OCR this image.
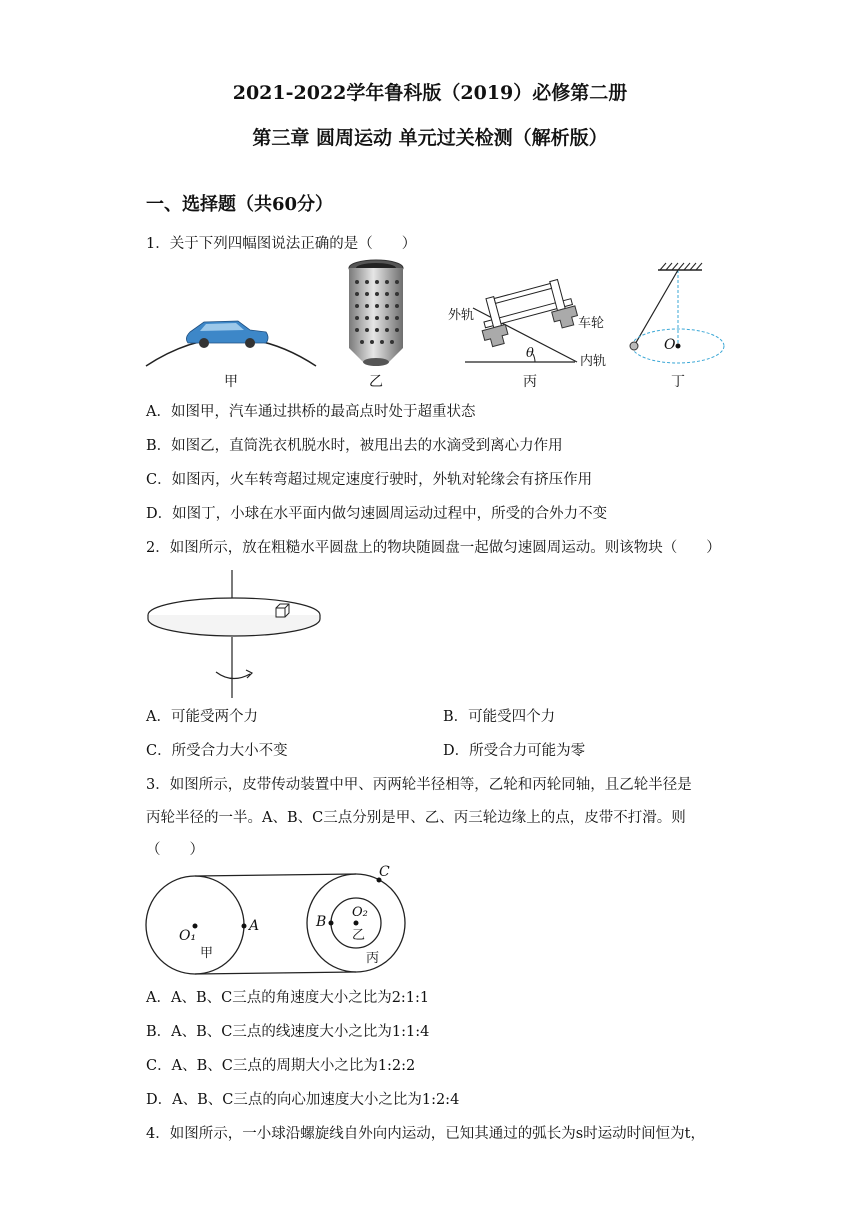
2021-2022学年鲁科版（2019）必修第二册
第三章 圆周运动 单元过关检测（解析版）
一、选择题（共60分）
1．关于下列四幅图说法正确的是（　　）
甲	乙
外轨
车轮
内轨
θ
丙
O
丁
A．如图甲，汽车通过拱桥的最高点时处于超重状态
B．如图乙，直筒洗衣机脱水时，被甩出去的水滴受到离心力作用
C．如图丙，火车转弯超过规定速度行驶时，外轨对轮缘会有挤压作用
D．如图丁，小球在水平面内做匀速圆周运动过程中，所受的合外力不变
2．如图所示，放在粗糙水平圆盘上的物块随圆盘一起做匀速圆周运动。则该物块（　　）
A．可能受两个力	B．可能受四个力
C．所受合力大小不变	D．所受合力可能为零
3．如图所示，皮带传动装置中甲、丙两轮半径相等，乙轮和丙轮同轴，且乙轮半径是
丙轮半径的一半。A、B、C三点分别是甲、乙、丙三轮边缘上的点，皮带不打滑。则
（　　）
A	B
C
O₁
O₂
甲
乙
丙
A．A、B、C三点的角速度大小之比为2:1:1
B．A、B、C三点的线速度大小之比为1:1:4
C．A、B、C三点的周期大小之比为1:2:2
D．A、B、C三点的向心加速度大小之比为1:2:4
4．如图所示，一小球沿螺旋线自外向内运动，已知其通过的弧长为s时运动时间恒为t，
